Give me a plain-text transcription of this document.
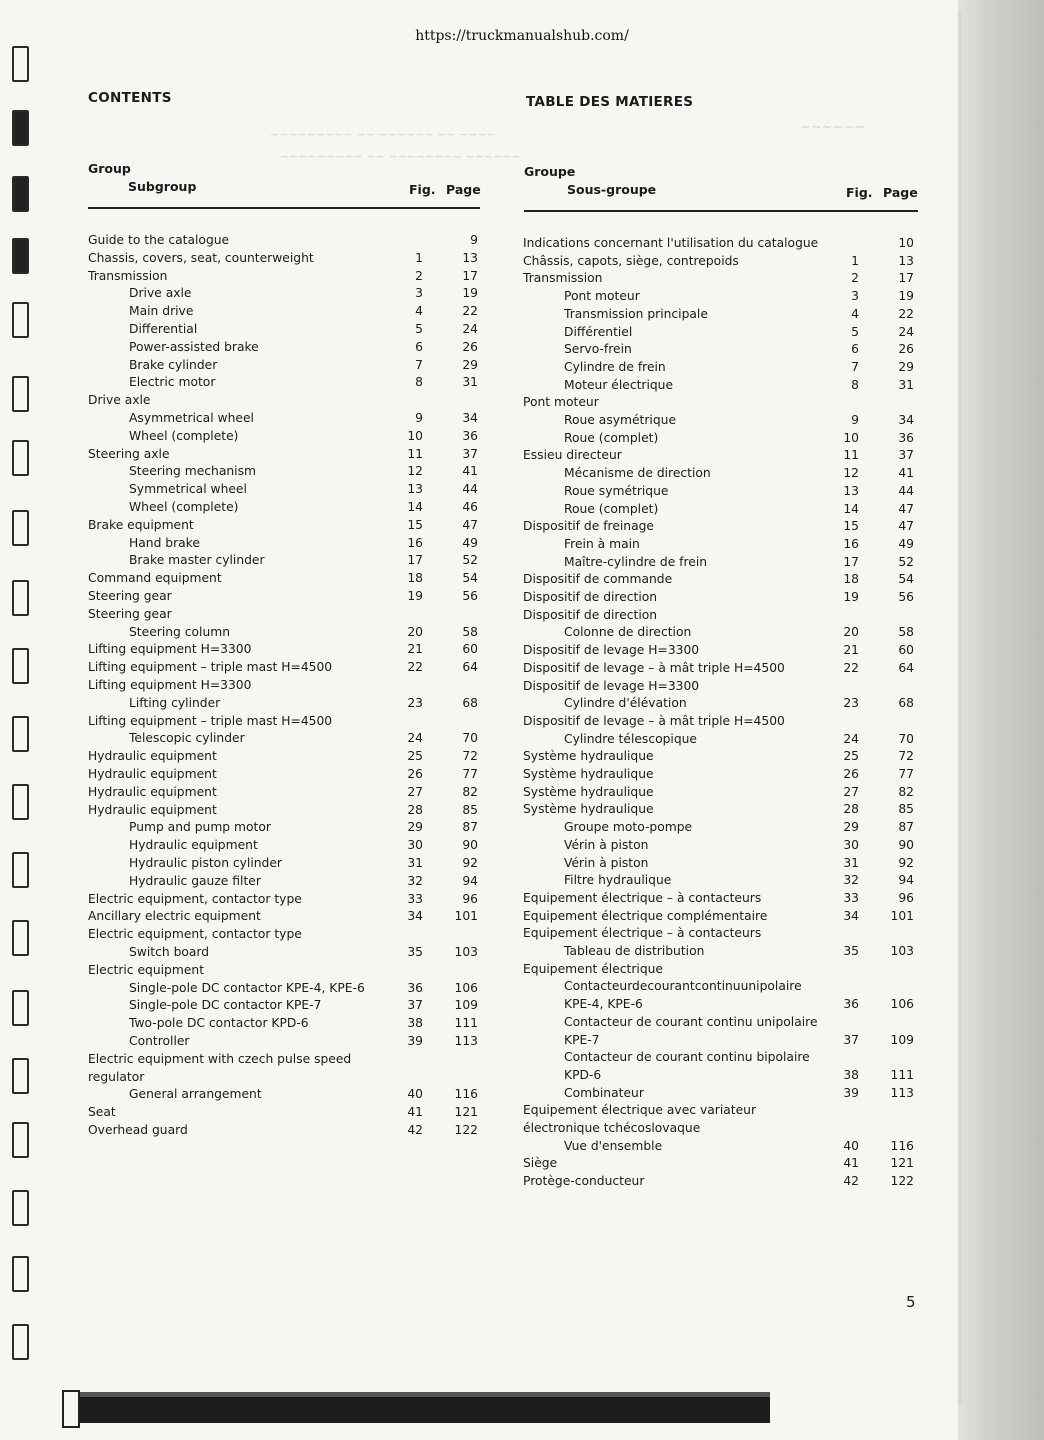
~~~~~~~~~ ~~ ~~~~~~ ~~ ~~~~
~~~~~~~~~ ~~ ~~~~~~~~ ~~~~~~
~~~~~~
https://truckmanualshub.com/
CONTENTS
Group
Subgroup	Fig. Page
Guide to the catalogue	9
Chassis, covers, seat, counterweight	1	13
Transmission	2	17
Drive axle	3	19
Main drive	4	22
Differential	5	24
Power-assisted brake	6	26
Brake cylinder	7	29
Electric motor	8	31
Drive axle
Asymmetrical wheel	9	34
Wheel (complete)	10	36
Steering axle	11	37
Steering mechanism	12	41
Symmetrical wheel	13	44
Wheel (complete)	14	46
Brake equipment	15	47
Hand brake	16	49
Brake master cylinder	17	52
Command equipment	18	54
Steering gear	19	56
Steering gear
Steering column	20	58
Lifting equipment H=3300	21	60
Lifting equipment – triple mast H=4500	22	64
Lifting equipment H=3300
Lifting cylinder	23	68
Lifting equipment – triple mast H=4500
Telescopic cylinder	24	70
Hydraulic equipment	25	72
Hydraulic equipment	26	77
Hydraulic equipment	27	82
Hydraulic equipment	28	85
Pump and pump motor	29	87
Hydraulic equipment	30	90
Hydraulic piston cylinder	31	92
Hydraulic gauze filter	32	94
Electric equipment, contactor type	33	96
Ancillary electric equipment	34	101
Electric equipment, contactor type
Switch board	35	103
Electric equipment
Single-pole DC contactor KPE-4, KPE-6	36	106
Single-pole DC contactor KPE-7	37	109
Two-pole DC contactor KPD-6	38	111
Controller	39	113
Electric equipment with czech pulse speed
regulator
General arrangement	40	116
Seat	41	121
Overhead guard	42	122
TABLE DES MATIERES
Groupe
Sous-groupe	Fig. Page
Indications concernant l'utilisation du catalogue	10
Châssis, capots, siège, contrepoids	1	13
Transmission	2	17
Pont moteur	3	19
Transmission principale	4	22
Différentiel	5	24
Servo-frein	6	26
Cylindre de frein	7	29
Moteur électrique	8	31
Pont moteur
Roue asymétrique	9	34
Roue (complet)	10	36
Essieu directeur	11	37
Mécanisme de direction	12	41
Roue symétrique	13	44
Roue (complet)	14	47
Dispositif de freinage	15	47
Frein à main	16	49
Maître-cylindre de frein	17	52
Dispositif de commande	18	54
Dispositif de direction	19	56
Dispositif de direction
Colonne de direction	20	58
Dispositif de levage H=3300	21	60
Dispositif de levage – à mât triple H=4500	22	64
Dispositif de levage H=3300
Cylindre d'élévation	23	68
Dispositif de levage – à mât triple H=4500
Cylindre télescopique	24	70
Système hydraulique	25	72
Système hydraulique	26	77
Système hydraulique	27	82
Système hydraulique	28	85
Groupe moto-pompe	29	87
Vérin à piston	30	90
Vérin à piston	31	92
Filtre hydraulique	32	94
Equipement électrique – à contacteurs	33	96
Equipement électrique complémentaire	34	101
Equipement électrique – à contacteurs
Tableau de distribution	35	103
Equipement électrique
Contacteurdecourantcontinuunipolaire
KPE-4, KPE-6	36	106
Contacteur de courant continu unipolaire
KPE-7	37	109
Contacteur de courant continu bipolaire
KPD-6	38	111
Combinateur	39	113
Equipement électrique avec variateur
électronique tchécoslovaque
Vue d'ensemble	40	116
Siège	41	121
Protège-conducteur	42	122
5
